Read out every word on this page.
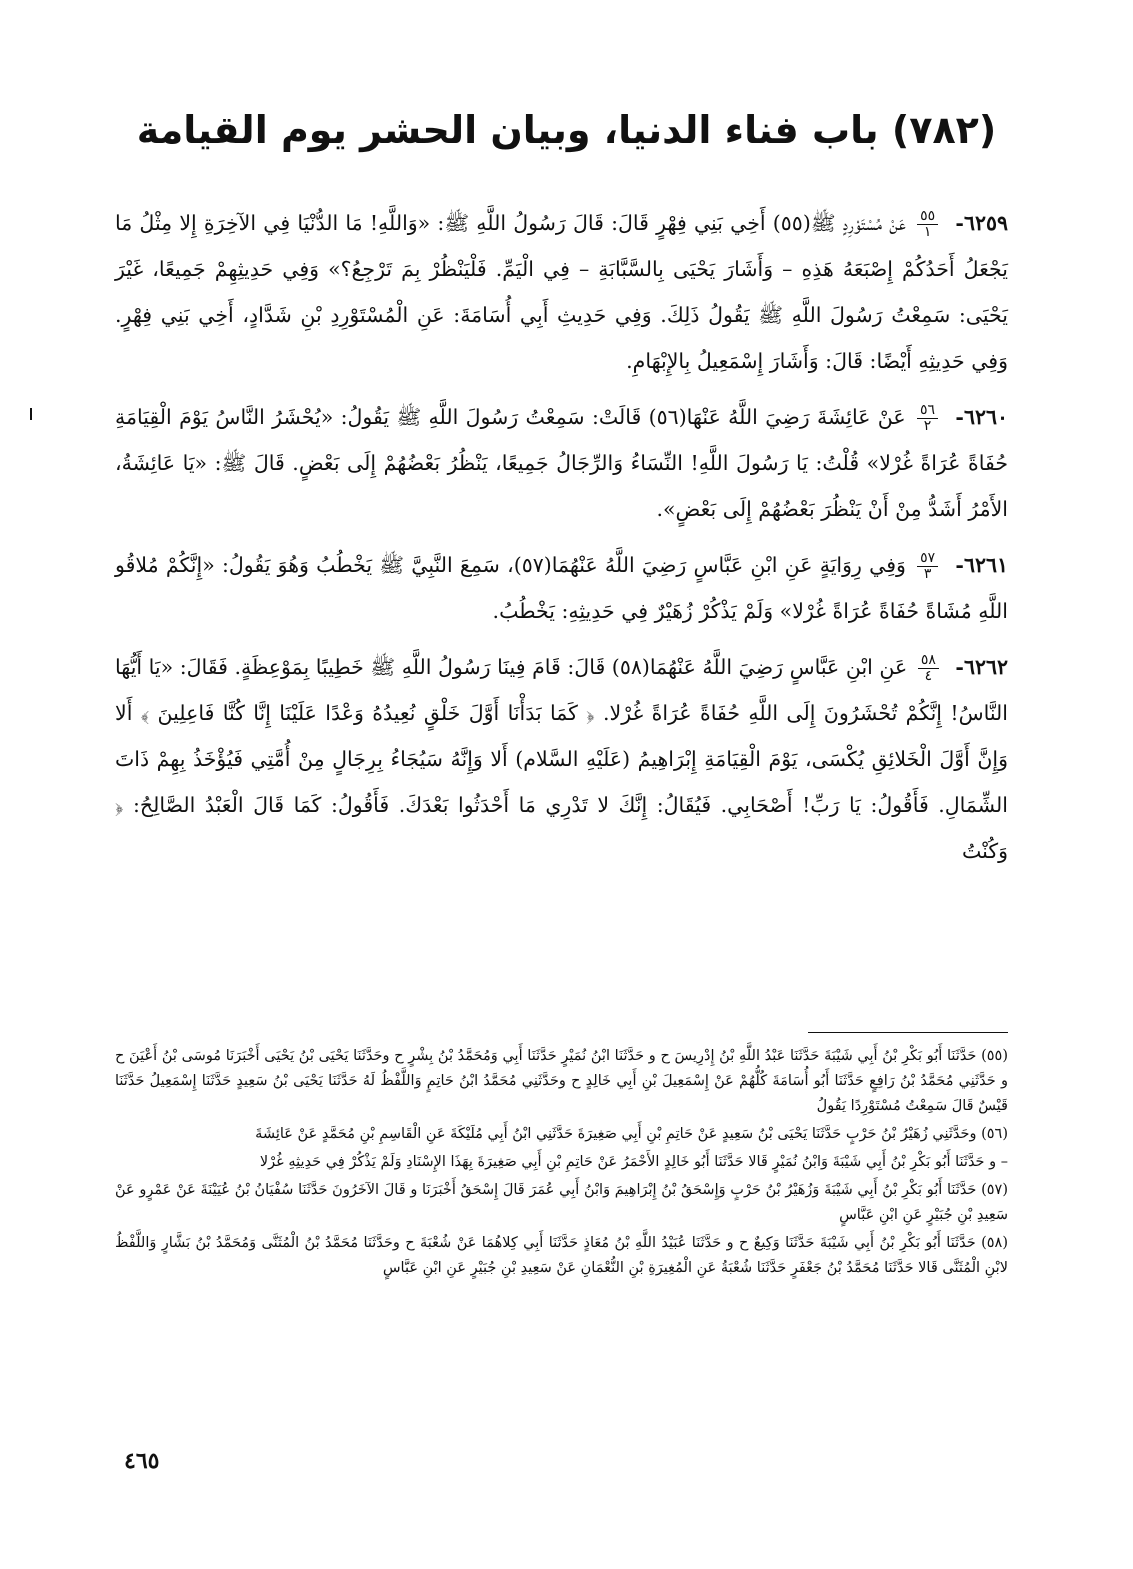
(٧٨٢) باب فناء الدنيا، وبيان الحشر يوم القيامة

٦٢٥٩-
$\frac{٥٥}{١}$
عَنْ مُسْتَوْرِدٍ ﷺ(٥٥) أَخِي بَنِي فِهْرٍ قَالَ: قَالَ رَسُولُ اللَّهِ ﷺ: «وَاللَّهِ! مَا الدُّنْيَا فِي الآخِرَةِ إِلا مِثْلُ مَا يَجْعَلُ أَحَدُكُمْ إِصْبَعَهُ هَذِهِ – وَأَشَارَ يَحْيَى بِالسَّبَّابَةِ – فِي الْيَمِّ. فَلْيَنْظُرْ بِمَ تَرْجِعُ؟» وَفِي حَدِيثِهِمْ جَمِيعًا، غَيْرَ يَحْيَى: سَمِعْتُ رَسُولَ اللَّهِ ﷺ يَقُولُ ذَلِكَ. وَفِي حَدِيثِ أَبِي أُسَامَةَ: عَنِ الْمُسْتَوْرِدِ بْنِ شَدَّادٍ، أَخِي بَنِي فِهْرٍ. وَفِي حَدِيثِهِ أَيْضًا: قَالَ: وَأَشَارَ إِسْمَعِيلُ بِالإِبْهَامِ.

٦٢٦٠-
$\frac{٥٦}{٢}$
عَنْ عَائِشَةَ رَضِيَ اللَّهُ عَنْهَا(٥٦) قَالَتْ: سَمِعْتُ رَسُولَ اللَّهِ ﷺ يَقُولُ: «يُحْشَرُ النَّاسُ يَوْمَ الْقِيَامَةِ حُفَاةً عُرَاةً غُرْلا» قُلْتُ: يَا رَسُولَ اللَّهِ! النِّسَاءُ وَالرِّجَالُ جَمِيعًا، يَنْظُرُ بَعْضُهُمْ إِلَى بَعْضٍ. قَالَ ﷺ: «يَا عَائِشَةُ، الأَمْرُ أَشَدُّ مِنْ أَنْ يَنْظُرَ بَعْضُهُمْ إِلَى بَعْضٍ».

٦٢٦١-
$\frac{٥٧}{٣}$
وَفِي رِوَايَةٍ عَنِ ابْنِ عَبَّاسٍ رَضِيَ اللَّهُ عَنْهُمَا(٥٧)، سَمِعَ النَّبِيَّ ﷺ يَخْطُبُ وَهُوَ يَقُولُ: «إِنَّكُمْ مُلاقُو اللَّهِ مُشَاةً حُفَاةً عُرَاةً غُرْلا» وَلَمْ يَذْكُرْ زُهَيْرٌ فِي حَدِيثِهِ: يَخْطُبُ.

٦٢٦٢-
$\frac{٥٨}{٤}$
عَنِ ابْنِ عَبَّاسٍ رَضِيَ اللَّهُ عَنْهُمَا(٥٨) قَالَ: قَامَ فِينَا رَسُولُ اللَّهِ ﷺ خَطِيبًا بِمَوْعِظَةٍ. فَقَالَ: «يَا أَيُّهَا النَّاسُ! إِنَّكُمْ تُحْشَرُونَ إِلَى اللَّهِ حُفَاةً عُرَاةً غُرْلا. ﴿ كَمَا بَدَأْنَا أَوَّلَ خَلْقٍ نُعِيدُهُ وَعْدًا عَلَيْنَا إِنَّا كُنَّا فَاعِلِينَ ﴾ أَلا وَإِنَّ أَوَّلَ الْخَلائِقِ يُكْسَى، يَوْمَ الْقِيَامَةِ إِبْرَاهِيمُ (عَلَيْهِ السَّلام) أَلا وَإِنَّهُ سَيُجَاءُ بِرِجَالٍ مِنْ أُمَّتِي فَيُؤْخَذُ بِهِمْ ذَاتَ الشِّمَالِ. فَأَقُولُ: يَا رَبِّ! أَصْحَابِي. فَيُقَالُ: إِنَّكَ لا تَدْرِي مَا أَحْدَثُوا بَعْدَكَ. فَأَقُولُ: كَمَا قَالَ الْعَبْدُ الصَّالِحُ: ﴿ وَكُنْتُ

(٥٥) حَدَّثَنَا أَبُو بَكْرِ بْنُ أَبِي شَيْبَةَ حَدَّثَنَا عَبْدُ اللَّهِ بْنُ إِدْرِيسَ ح و حَدَّثَنَا ابْنُ نُمَيْرٍ حَدَّثَنَا أَبِي وَمُحَمَّدُ بْنُ بِشْرٍ ح وحَدَّثَنَا يَحْيَى بْنُ يَحْيَى أَخْبَرَنَا مُوسَى بْنُ أَعْيَنَ ح و حَدَّثَنِي مُحَمَّدُ بْنُ رَافِعٍ حَدَّثَنَا أَبُو أُسَامَةَ كُلُّهُمْ عَنْ إِسْمَعِيلَ بْنِ أَبِي خَالِدٍ ح وحَدَّثَنِي مُحَمَّدُ ابْنُ حَاتِمٍ وَاللَّفْظُ لَهُ حَدَّثَنَا يَحْيَى بْنُ سَعِيدٍ حَدَّثَنَا إِسْمَعِيلُ حَدَّثَنَا قَيْسٌ قَالَ سَمِعْتُ مُسْتَوْرِدًا يَقُولُ

(٥٦) وحَدَّثَنِي زُهَيْرُ بْنُ حَرْبٍ حَدَّثَنَا يَحْيَى بْنُ سَعِيدٍ عَنْ حَاتِمِ بْنِ أَبِي صَغِيرَةَ حَدَّثَنِي ابْنُ أَبِي مُلَيْكَةَ عَنِ الْقَاسِمِ بْنِ مُحَمَّدٍ عَنْ عَائِشَةَ

– و حَدَّثَنَا أَبُو بَكْرِ بْنُ أَبِي شَيْبَةَ وَابْنُ نُمَيْرٍ قَالا حَدَّثَنَا أَبُو خَالِدٍ الأَحْمَرُ عَنْ حَاتِمِ بْنِ أَبِي صَغِيرَةَ بِهَذَا الإِسْنَادِ وَلَمْ يَذْكُرْ فِي حَدِيثِهِ غُرْلا

(٥٧) حَدَّثَنَا أَبُو بَكْرِ بْنُ أَبِي شَيْبَةَ وَزُهَيْرُ بْنُ حَرْبٍ وَإِسْحَقُ بْنُ إِبْرَاهِيمَ وَابْنُ أَبِي عُمَرَ قَالَ إِسْحَقُ أَخْبَرَنَا و قَالَ الآخَرُونَ حَدَّثَنَا سُفْيَانُ بْنُ عُيَيْنَةَ عَنْ عَمْرٍو عَنْ سَعِيدِ بْنِ جُبَيْرٍ عَنِ ابْنِ عَبَّاسٍ

(٥٨) حَدَّثَنَا أَبُو بَكْرِ بْنُ أَبِي شَيْبَةَ حَدَّثَنَا وَكِيعٌ ح و حَدَّثَنَا عُبَيْدُ اللَّهِ بْنُ مُعَاذٍ حَدَّثَنَا أَبِي كِلاهُمَا عَنْ شُعْبَةَ ح وحَدَّثَنَا مُحَمَّدُ بْنُ الْمُثَنَّى وَمُحَمَّدُ بْنُ بَشَّارٍ وَاللَّفْظُ لابْنِ الْمُثَنَّى قَالا حَدَّثَنَا مُحَمَّدُ بْنُ جَعْفَرٍ حَدَّثَنَا شُعْبَةُ عَنِ الْمُغِيرَةِ بْنِ النُّعْمَانِ عَنْ سَعِيدِ بْنِ جُبَيْرٍ عَنِ ابْنِ عَبَّاسٍ

٤٦٥
